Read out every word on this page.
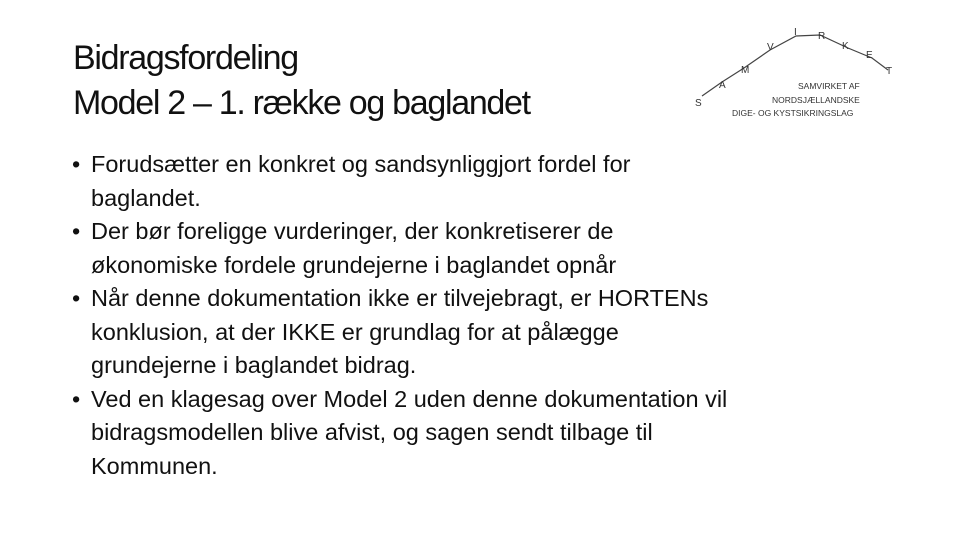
Bidragsfordeling
Model 2 – 1. række og baglandet	S
A
M
V
I R
K
E
T
SAMVIRKET AF
NORDSJÆLLANDSKE
DIGE- OG KYSTSIKRINGSLAG
• Forudsætter en konkret og sandsynliggjort fordel for
baglandet.
• Der bør foreligge vurderinger, der konkretiserer de
økonomiske fordele grundejerne i baglandet opnår
• Når denne dokumentation ikke er tilvejebragt, er HORTENs
konklusion, at der IKKE er grundlag for at pålægge
grundejerne i baglandet bidrag.
• Ved en klagesag over Model 2 uden denne dokumentation vil
bidragsmodellen blive afvist, og sagen sendt tilbage til
Kommunen.
